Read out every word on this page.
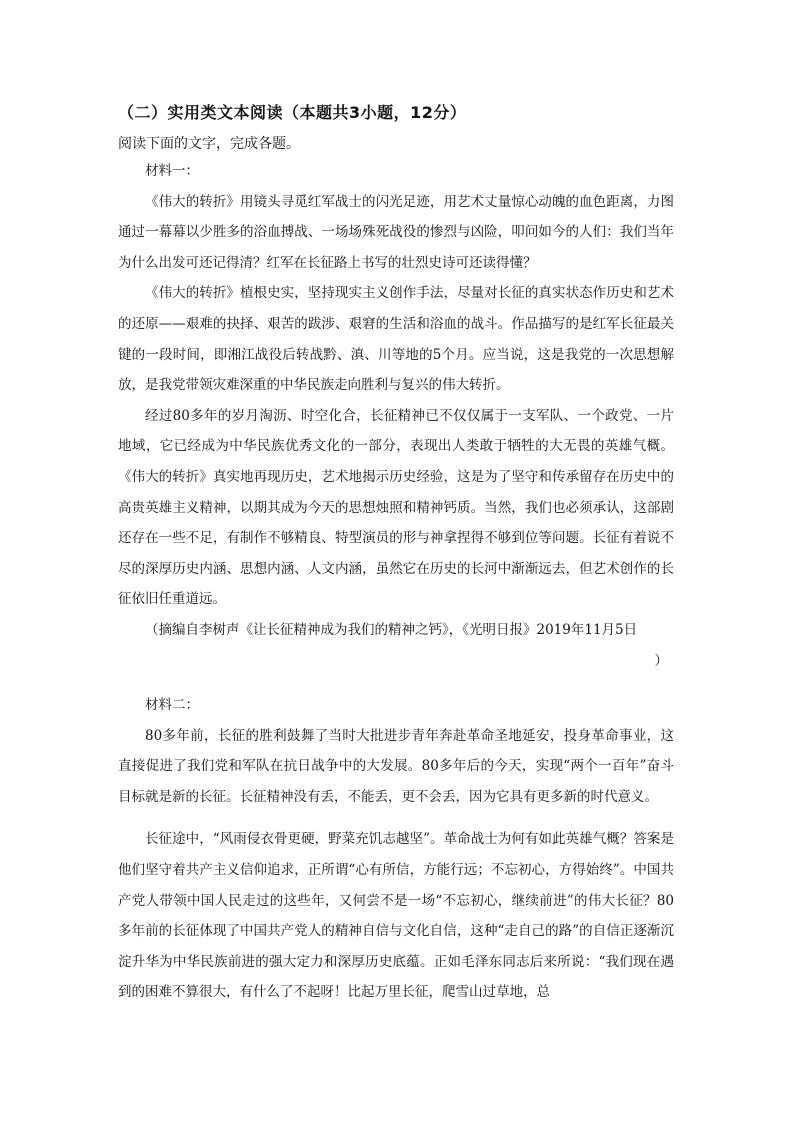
（二）实用类文本阅读（本题共3小题，12分）
阅读下面的文字，完成各题。

材料一：

《伟大的转折》用镜头寻觅红军战士的闪光足迹，用艺术丈量惊心动魄的血色距离，力图通过一幕幕以少胜多的浴血搏战、一场场殊死战役的惨烈与凶险，叩问如今的人们：我们当年为什么出发可还记得清？红军在长征路上书写的壮烈史诗可还读得懂？

《伟大的转折》植根史实，坚持现实主义创作手法，尽量对长征的真实状态作历史和艺术的还原——艰难的抉择、艰苦的跋涉、艰窘的生活和浴血的战斗。作品描写的是红军长征最关键的一段时间，即湘江战役后转战黔、滇、川等地的5个月。应当说，这是我党的一次思想解放，是我党带领灾难深重的中华民族走向胜利与复兴的伟大转折。

经过80多年的岁月淘沥、时空化合，长征精神已不仅仅属于一支军队、一个政党、一片地域，它已经成为中华民族优秀文化的一部分，表现出人类敢于牺牲的大无畏的英雄气概。《伟大的转折》真实地再现历史，艺术地揭示历史经验，这是为了坚守和传承留存在历史中的高贵英雄主义精神，以期其成为今天的思想烛照和精神钙质。当然，我们也必须承认，这部剧还存在一些不足，有制作不够精良、特型演员的形与神拿捏得不够到位等问题。长征有着说不尽的深厚历史内涵、思想内涵、人文内涵，虽然它在历史的长河中渐渐远去，但艺术创作的长征依旧任重道远。

（摘编自李树声《让长征精神成为我们的精神之钙》，《光明日报》2019年11月5日

）

材料二：

80多年前，长征的胜利鼓舞了当时大批进步青年奔赴革命圣地延安，投身革命事业，这直接促进了我们党和军队在抗日战争中的大发展。80多年后的今天，实现“两个一百年”奋斗目标就是新的长征。长征精神没有丢，不能丢，更不会丢，因为它具有更多新的时代意义。

长征途中，“风雨侵衣骨更硬，野菜充饥志越坚”。革命战士为何有如此英雄气概？答案是他们坚守着共产主义信仰追求，正所谓“心有所信，方能行远；不忘初心，方得始终”。中国共产党人带领中国人民走过的这些年，又何尝不是一场“不忘初心，继续前进”的伟大长征？80多年前的长征体现了中国共产党人的精神自信与文化自信，这种“走自己的路”的自信正逐渐沉淀升华为中华民族前进的强大定力和深厚历史底蕴。正如毛泽东同志后来所说：“我们现在遇到的困难不算很大，有什么了不起呀！比起万里长征，爬雪山过草地，总
